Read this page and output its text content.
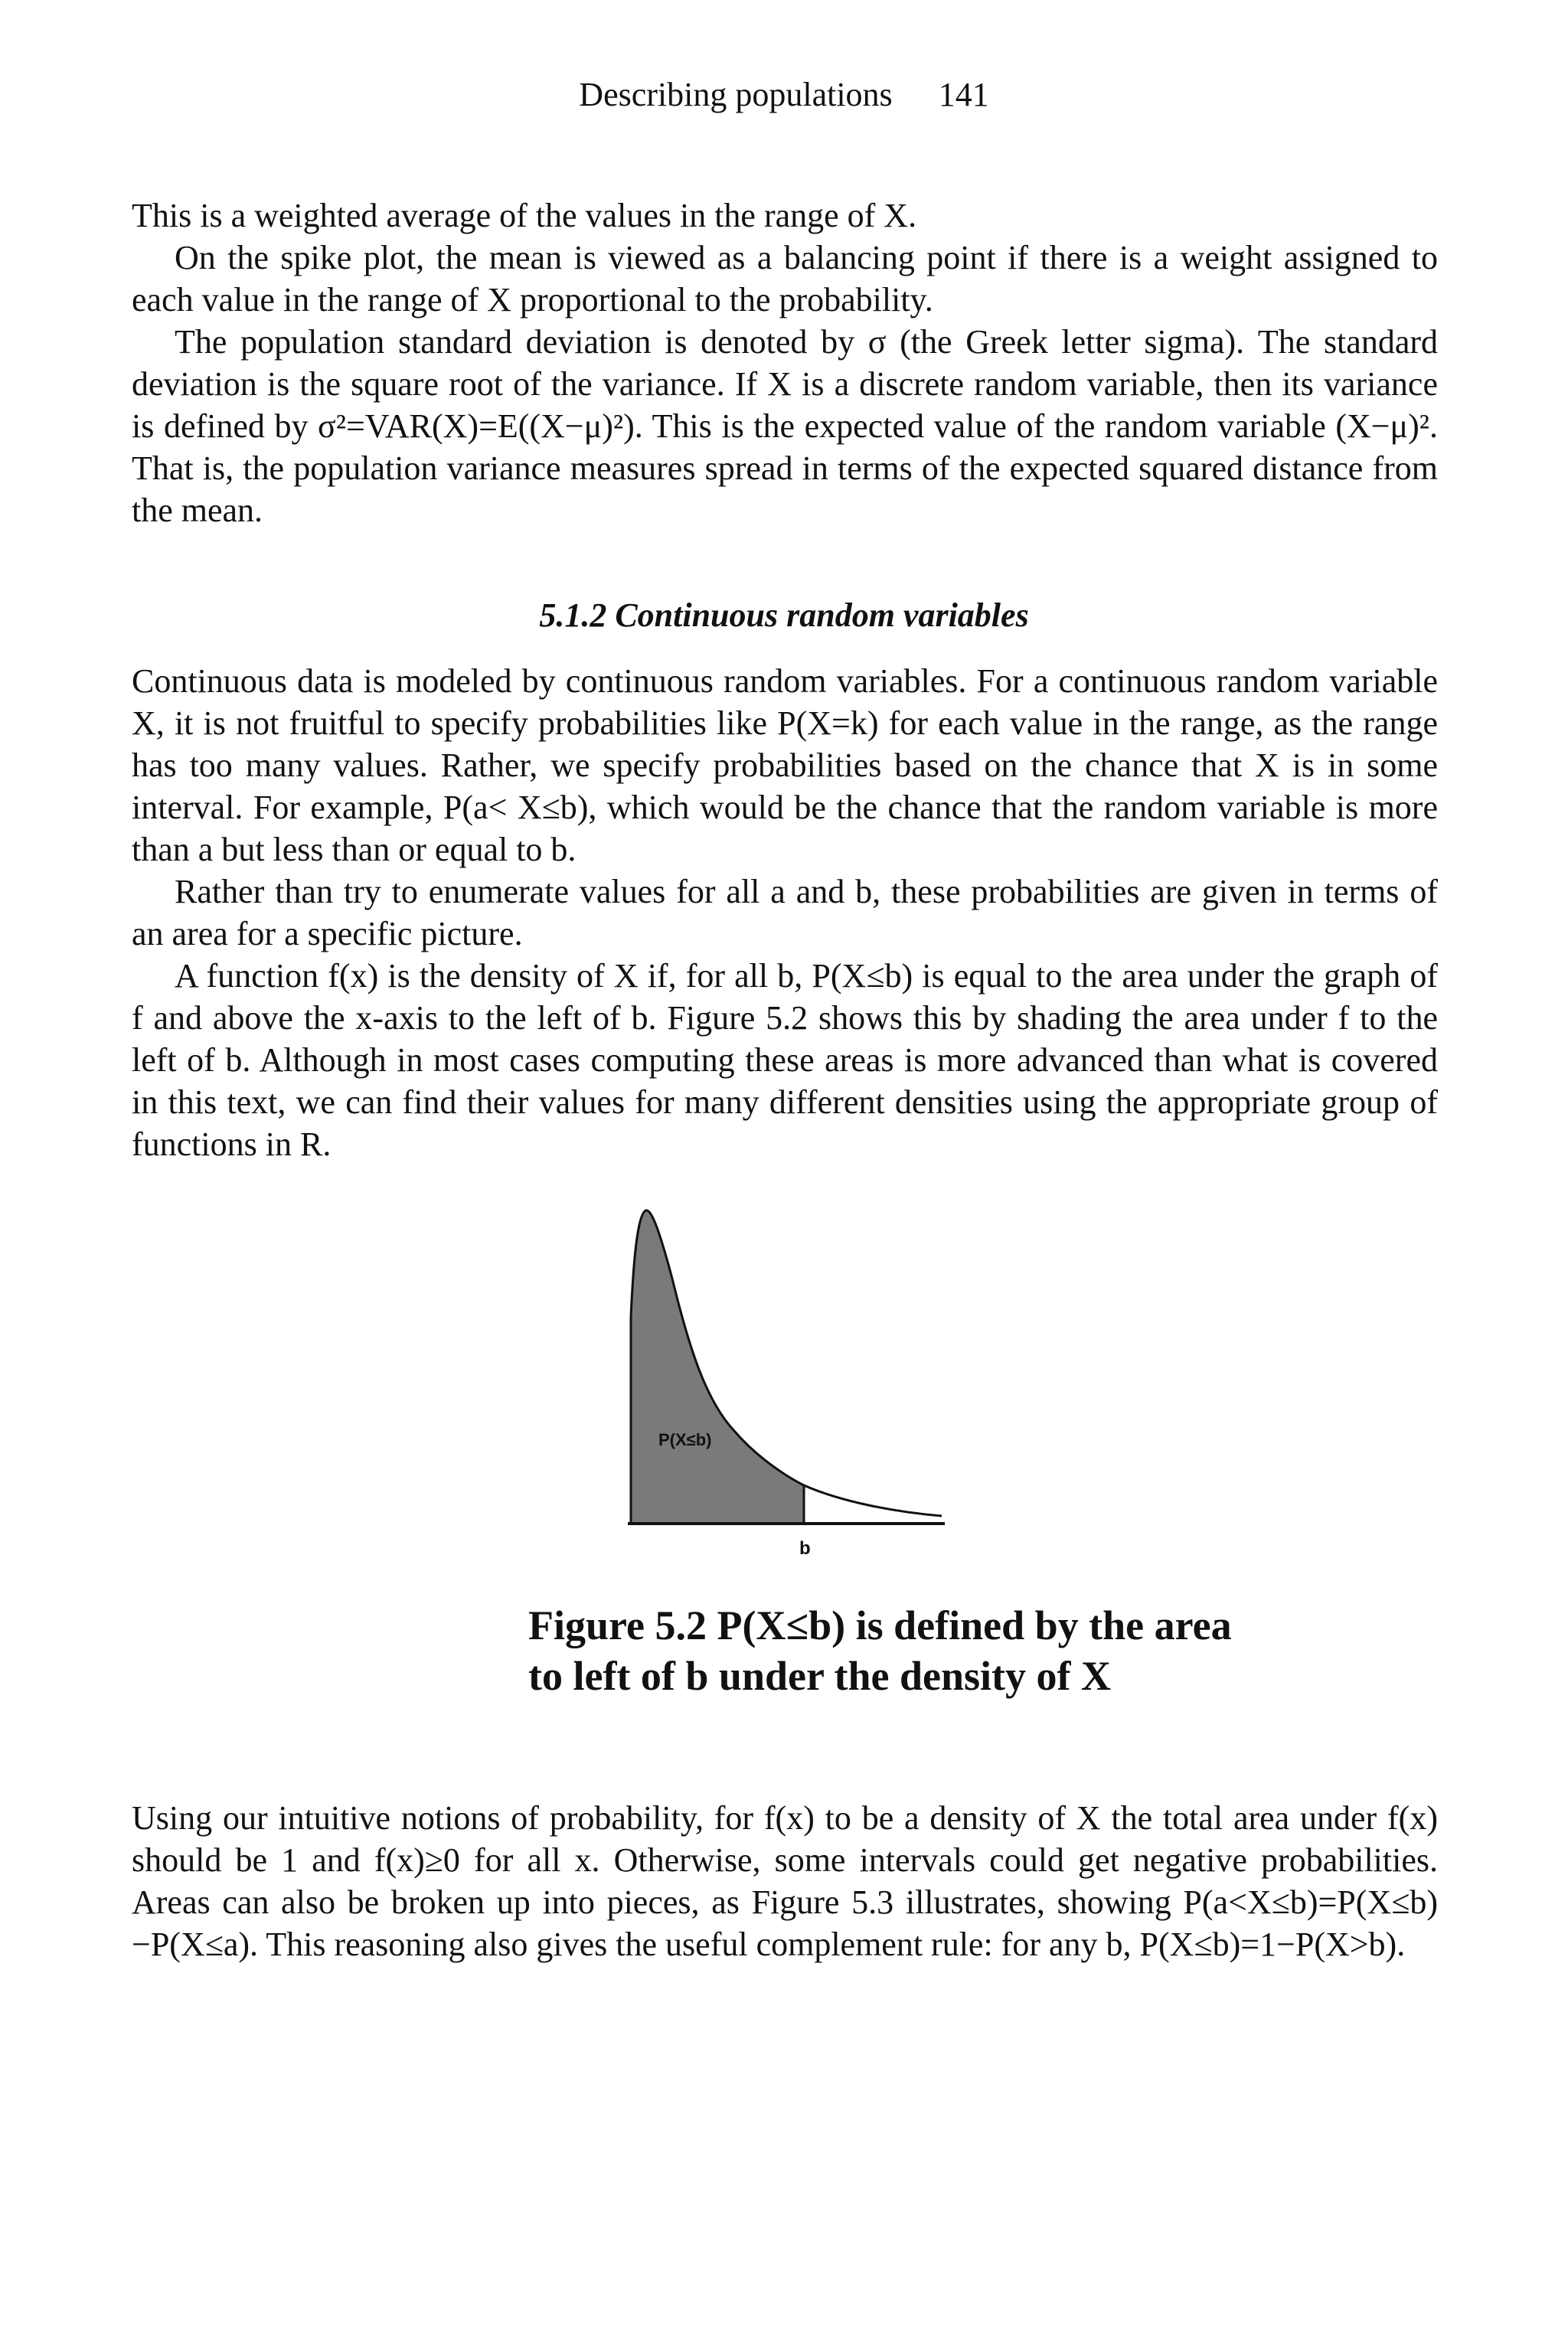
Describing populations 141

This is a weighted average of the values in the range of X.

On the spike plot, the mean is viewed as a balancing point if there is a weight assigned to each value in the range of X proportional to the probability.

The population standard deviation is denoted by σ (the Greek letter sigma). The standard deviation is the square root of the variance. If X is a discrete random variable, then its variance is defined by σ²=VAR(X)=E((X−μ)²). This is the expected value of the random variable (X−μ)². That is, the population variance measures spread in terms of the expected squared distance from the mean.

5.1.2 Continuous random variables

Continuous data is modeled by continuous random variables. For a continuous random variable X, it is not fruitful to specify probabilities like P(X=k) for each value in the range, as the range has too many values. Rather, we specify probabilities based on the chance that X is in some interval. For example, P(a< X≤b), which would be the chance that the random variable is more than a but less than or equal to b.

Rather than try to enumerate values for all a and b, these probabilities are given in terms of an area for a specific picture.

A function f(x) is the density of X if, for all b, P(X≤b) is equal to the area under the graph of f and above the x-axis to the left of b. Figure 5.2 shows this by shading the area under f to the left of b. Although in most cases computing these areas is more advanced than what is covered in this text, we can find their values for many different densities using the appropriate group of functions in R.

P(X≤b)
b
Figure 5.2 P(X≤b) is defined by the area to left of b under the density of X

Using our intuitive notions of probability, for f(x) to be a density of X the total area under f(x) should be 1 and f(x)≥0 for all x. Otherwise, some intervals could get negative probabilities. Areas can also be broken up into pieces, as Figure 5.3 illustrates, showing P(a<X≤b)=P(X≤b)−P(X≤a). This reasoning also gives the useful complement rule: for any b, P(X≤b)=1−P(X>b).
